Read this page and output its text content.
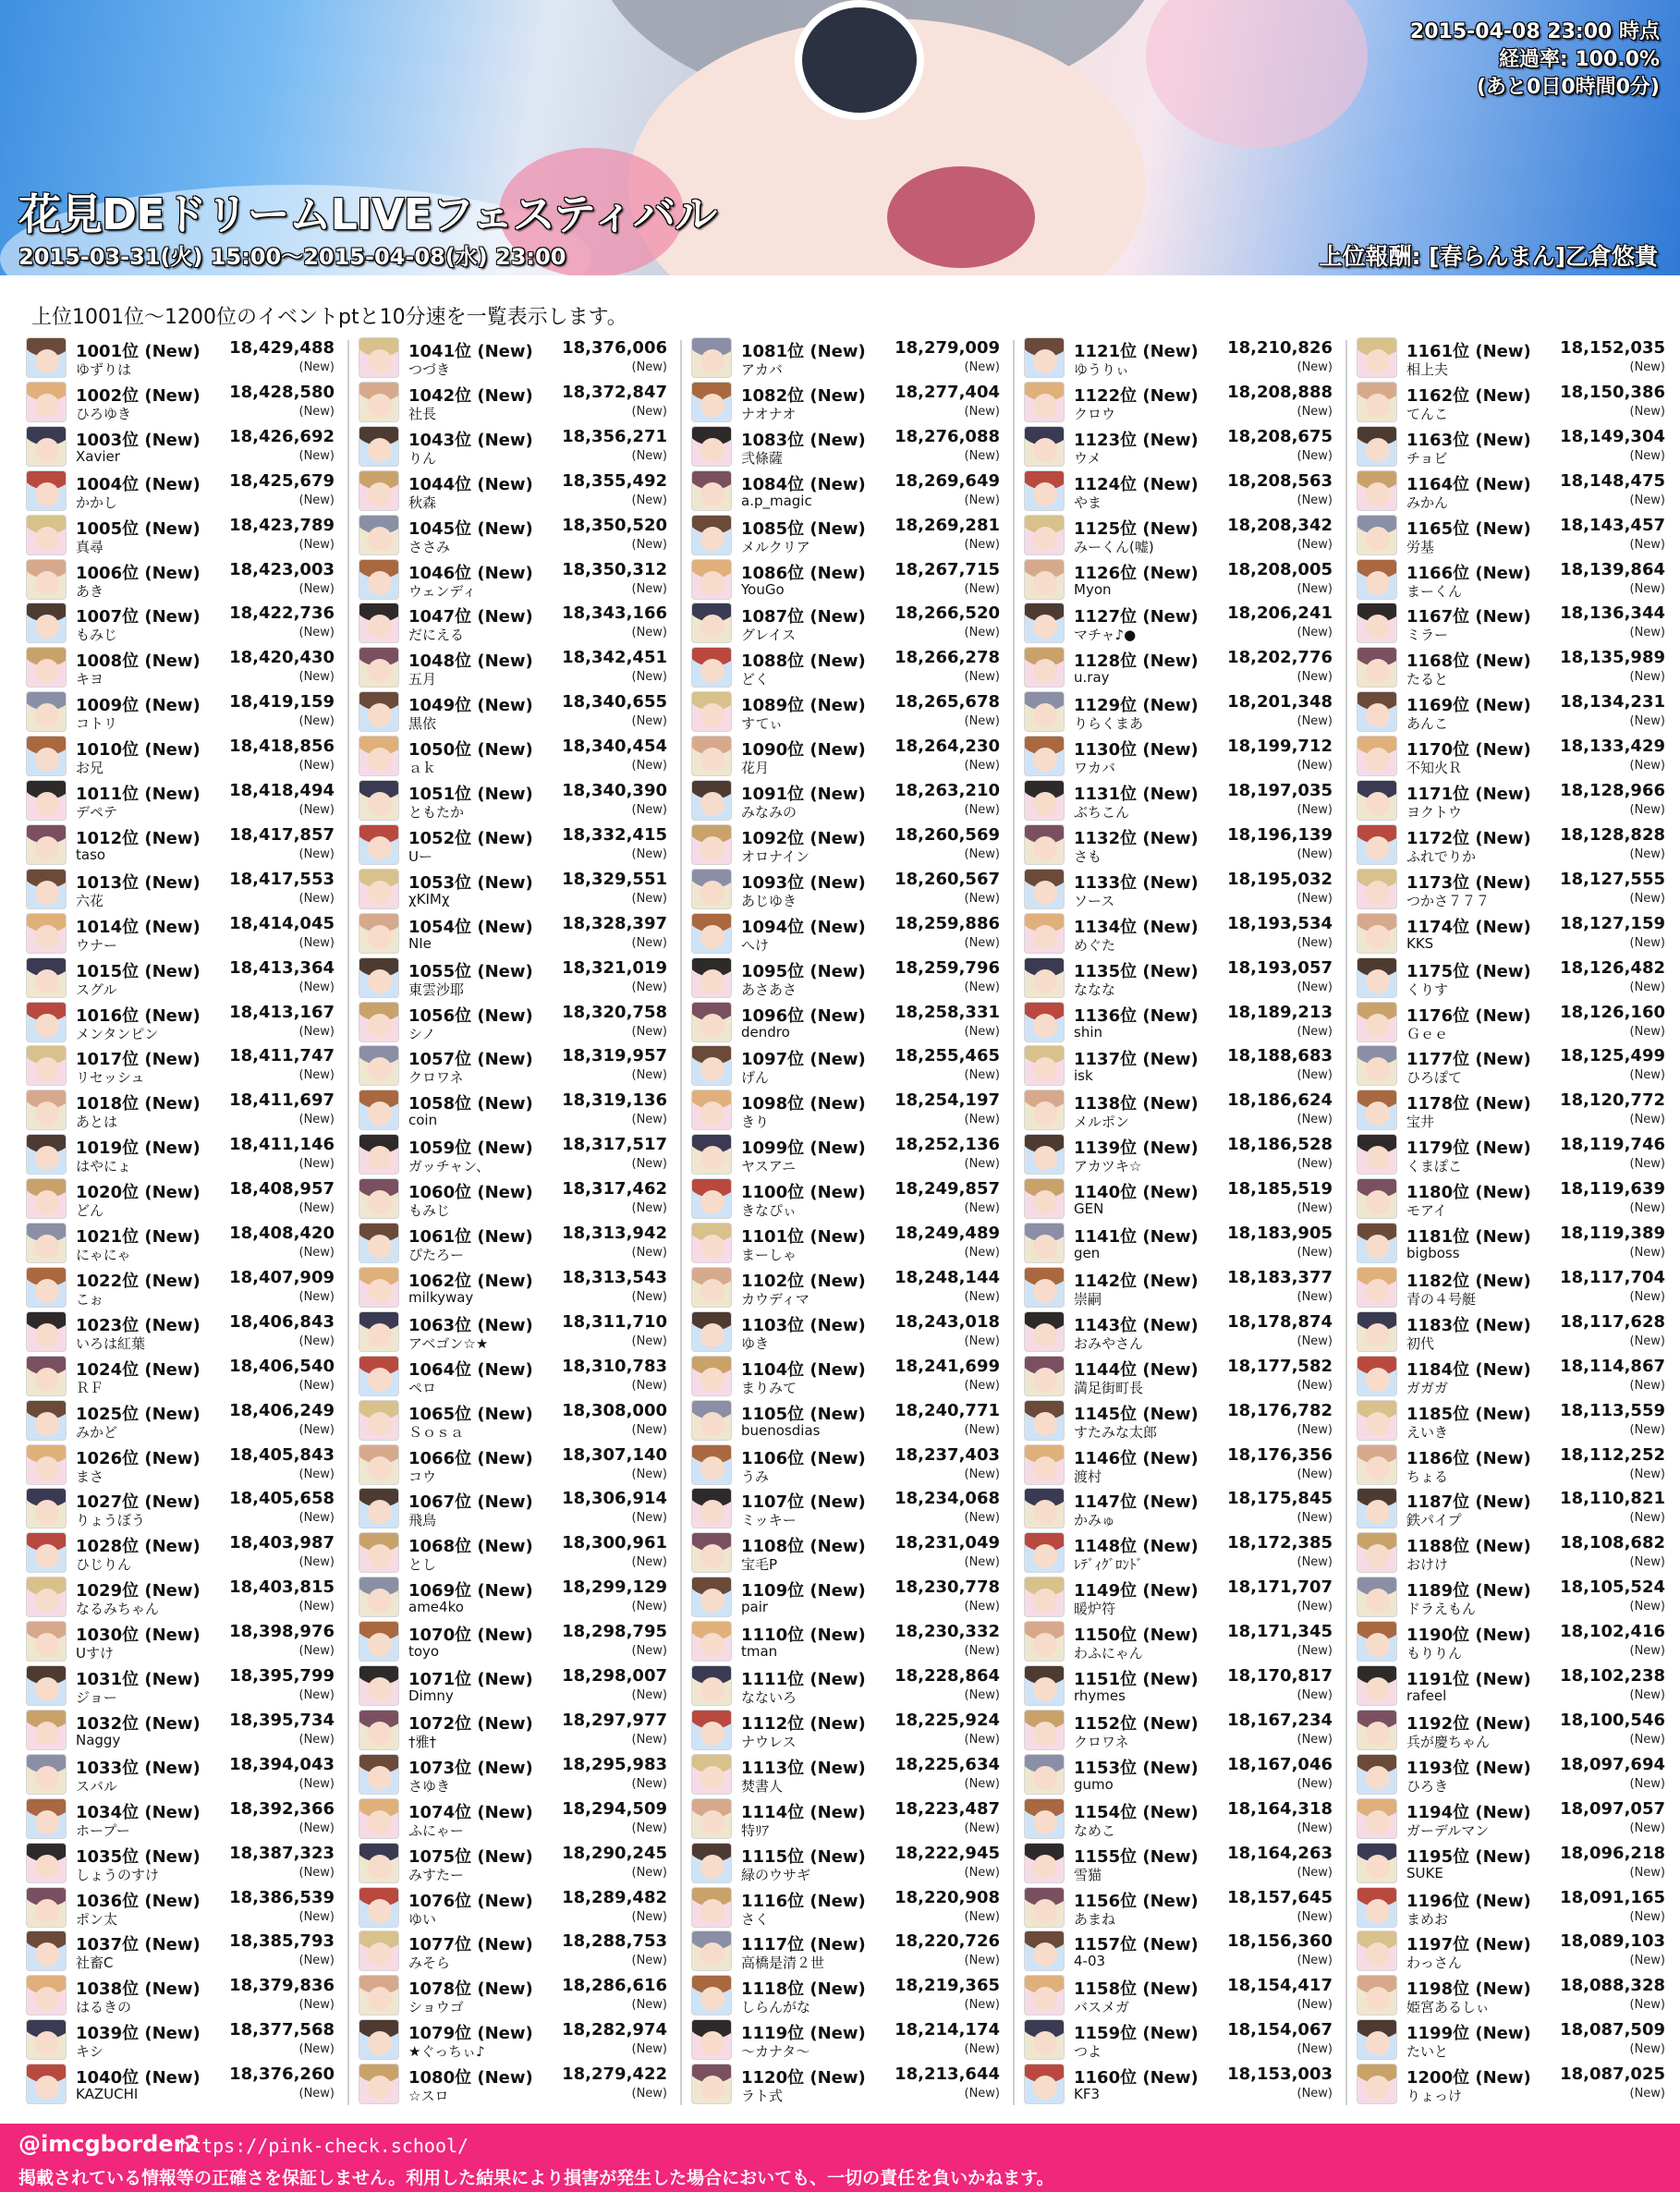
2015-04-08 23:00 時点
経過率: 100.0%
(あと0日0時間0分)
花見DEドリームLIVEフェスティバル
2015-03-31(火) 15:00～2015-04-08(水) 23:00	上位報酬: [春らんまん]乙倉悠貴
上位1001位～1200位のイベントptと10分速を一覧表示します。
1001位 (New) 18,429,488
ゆずりは	(New)
1002位 (New) 18,428,580
ひろゆき	(New)
1003位 (New) 18,426,692
Xavier	(New)
1004位 (New) 18,425,679
かかし	(New)
1005位 (New) 18,423,789
真尋	(New)
1006位 (New) 18,423,003
あき	(New)
1007位 (New) 18,422,736
もみじ	(New)
1008位 (New) 18,420,430
キヨ	(New)
1009位 (New) 18,419,159
コトリ	(New)
1010位 (New) 18,418,856
お兄	(New)
1011位 (New) 18,418,494
デペテ	(New)
1012位 (New) 18,417,857
taso	(New)
1013位 (New) 18,417,553
六花	(New)
1014位 (New) 18,414,045
ウナー	(New)
1015位 (New) 18,413,364
スグル	(New)
1016位 (New) 18,413,167
メンタンピン	(New)
1017位 (New) 18,411,747
リセッシュ	(New)
1018位 (New) 18,411,697
あとは	(New)
1019位 (New) 18,411,146
はやにょ	(New)
1020位 (New) 18,408,957
どん	(New)
1021位 (New) 18,408,420
にゃにゃ	(New)
1022位 (New) 18,407,909
こぉ	(New)
1023位 (New) 18,406,843
いろは紅葉	(New)
1024位 (New) 18,406,540
ＲＦ	(New)
1025位 (New) 18,406,249
みかど	(New)
1026位 (New) 18,405,843
まさ	(New)
1027位 (New) 18,405,658
りょうぼう	(New)
1028位 (New) 18,403,987
ひじりん	(New)
1029位 (New) 18,403,815
なるみちゃん	(New)
1030位 (New) 18,398,976
Uすけ	(New)
1031位 (New) 18,395,799
ジョー	(New)
1032位 (New) 18,395,734
Naggy	(New)
1033位 (New) 18,394,043
スバル	(New)
1034位 (New) 18,392,366
ホープー	(New)
1035位 (New) 18,387,323
しょうのすけ	(New)
1036位 (New) 18,386,539
ポン太	(New)
1037位 (New) 18,385,793
社畜C	(New)
1038位 (New) 18,379,836
はるきの	(New)
1039位 (New) 18,377,568
キシ	(New)
1040位 (New) 18,376,260
KAZUCHI	(New)
1041位 (New) 18,376,006
つづき	(New)
1042位 (New) 18,372,847
社長	(New)
1043位 (New) 18,356,271
りん	(New)
1044位 (New) 18,355,492
秋森	(New)
1045位 (New) 18,350,520
ささみ	(New)
1046位 (New) 18,350,312
ウェンディ	(New)
1047位 (New) 18,343,166
だにえる	(New)
1048位 (New) 18,342,451
五月	(New)
1049位 (New) 18,340,655
黒依	(New)
1050位 (New) 18,340,454
ａｋ	(New)
1051位 (New) 18,340,390
ともたか	(New)
1052位 (New) 18,332,415
Uー	(New)
1053位 (New) 18,329,551
χKIMχ	(New)
1054位 (New) 18,328,397
NIe	(New)
1055位 (New) 18,321,019
東雲沙耶	(New)
1056位 (New) 18,320,758
シノ	(New)
1057位 (New) 18,319,957
クロワネ	(New)
1058位 (New) 18,319,136
coin	(New)
1059位 (New) 18,317,517
ガッチャン、	(New)
1060位 (New) 18,317,462
もみじ	(New)
1061位 (New) 18,313,942
ぴたろー	(New)
1062位 (New) 18,313,543
milkyway	(New)
1063位 (New) 18,311,710
アベゴン☆★	(New)
1064位 (New) 18,310,783
ペロ	(New)
1065位 (New) 18,308,000
Ｓｏｓａ	(New)
1066位 (New) 18,307,140
コウ	(New)
1067位 (New) 18,306,914
飛鳥	(New)
1068位 (New) 18,300,961
とし	(New)
1069位 (New) 18,299,129
ame4ko	(New)
1070位 (New) 18,298,795
toyo	(New)
1071位 (New) 18,298,007
Dimny	(New)
1072位 (New) 18,297,977
†雅†	(New)
1073位 (New) 18,295,983
さゆき	(New)
1074位 (New) 18,294,509
ふにゃー	(New)
1075位 (New) 18,290,245
みすたー	(New)
1076位 (New) 18,289,482
ゆい	(New)
1077位 (New) 18,288,753
みそら	(New)
1078位 (New) 18,286,616
ショウゴ	(New)
1079位 (New) 18,282,974
★ぐっちぃ♪	(New)
1080位 (New) 18,279,422
☆スロ	(New)
1081位 (New) 18,279,009
アカバ	(New)
1082位 (New) 18,277,404
ナオナオ	(New)
1083位 (New) 18,276,088
弐條薩	(New)
1084位 (New) 18,269,649
a.p_magic	(New)
1085位 (New) 18,269,281
メルクリア	(New)
1086位 (New) 18,267,715
YouGo	(New)
1087位 (New) 18,266,520
グレイス	(New)
1088位 (New) 18,266,278
どく	(New)
1089位 (New) 18,265,678
すてぃ	(New)
1090位 (New) 18,264,230
花月	(New)
1091位 (New) 18,263,210
みなみの	(New)
1092位 (New) 18,260,569
オロナイン	(New)
1093位 (New) 18,260,567
あじゆき	(New)
1094位 (New) 18,259,886
へけ	(New)
1095位 (New) 18,259,796
あさあさ	(New)
1096位 (New) 18,258,331
dendro	(New)
1097位 (New) 18,255,465
げん	(New)
1098位 (New) 18,254,197
きり	(New)
1099位 (New) 18,252,136
ヤスアニ	(New)
1100位 (New) 18,249,857
きなぴぃ	(New)
1101位 (New) 18,249,489
まーしゃ	(New)
1102位 (New) 18,248,144
カウディマ	(New)
1103位 (New) 18,243,018
ゆき	(New)
1104位 (New) 18,241,699
まりみて	(New)
1105位 (New) 18,240,771
buenosdias	(New)
1106位 (New) 18,237,403
うみ	(New)
1107位 (New) 18,234,068
ミッキー	(New)
1108位 (New) 18,231,049
宝毛P	(New)
1109位 (New) 18,230,778
pair	(New)
1110位 (New) 18,230,332
tman	(New)
1111位 (New) 18,228,864
なないろ	(New)
1112位 (New) 18,225,924
ナウレス	(New)
1113位 (New) 18,225,634
焚書人	(New)
1114位 (New) 18,223,487
特ﾘｱ	(New)
1115位 (New) 18,222,945
緑のウサギ	(New)
1116位 (New) 18,220,908
さく	(New)
1117位 (New) 18,220,726
高橋是清２世	(New)
1118位 (New) 18,219,365
しらんがな	(New)
1119位 (New) 18,214,174
～カナタ～	(New)
1120位 (New) 18,213,644
ラト式	(New)
1121位 (New) 18,210,826
ゆうりぃ	(New)
1122位 (New) 18,208,888
クロウ	(New)
1123位 (New) 18,208,675
ウメ	(New)
1124位 (New) 18,208,563
やま	(New)
1125位 (New) 18,208,342
みーくん(嘘)	(New)
1126位 (New) 18,208,005
Myon	(New)
1127位 (New) 18,206,241
マチャ♪●	(New)
1128位 (New) 18,202,776
u.ray	(New)
1129位 (New) 18,201,348
りらくまあ	(New)
1130位 (New) 18,199,712
ワカバ	(New)
1131位 (New) 18,197,035
ぶちこん	(New)
1132位 (New) 18,196,139
さも	(New)
1133位 (New) 18,195,032
ソース	(New)
1134位 (New) 18,193,534
めぐた	(New)
1135位 (New) 18,193,057
ななな	(New)
1136位 (New) 18,189,213
shin	(New)
1137位 (New) 18,188,683
isk	(New)
1138位 (New) 18,186,624
メルポン	(New)
1139位 (New) 18,186,528
アカツキ☆	(New)
1140位 (New) 18,185,519
GEN	(New)
1141位 (New) 18,183,905
gen	(New)
1142位 (New) 18,183,377
崇嗣	(New)
1143位 (New) 18,178,874
おみやさん	(New)
1144位 (New) 18,177,582
満足街町長	(New)
1145位 (New) 18,176,782
すたみな太郎	(New)
1146位 (New) 18,176,356
渡村	(New)
1147位 (New) 18,175,845
かみゅ	(New)
1148位 (New) 18,172,385
ﾚﾃﾞｨｸﾞﾛﾝﾄﾞ	(New)
1149位 (New) 18,171,707
暖炉符	(New)
1150位 (New) 18,171,345
わふにゃん	(New)
1151位 (New) 18,170,817
rhymes	(New)
1152位 (New) 18,167,234
クロワネ	(New)
1153位 (New) 18,167,046
gumo	(New)
1154位 (New) 18,164,318
なめこ	(New)
1155位 (New) 18,164,263
雪猫	(New)
1156位 (New) 18,157,645
あまね	(New)
1157位 (New) 18,156,360
4-03	(New)
1158位 (New) 18,154,417
バスメガ	(New)
1159位 (New) 18,154,067
つよ	(New)
1160位 (New) 18,153,003
KF3	(New)
1161位 (New) 18,152,035
相上夫	(New)
1162位 (New) 18,150,386
てんこ	(New)
1163位 (New) 18,149,304
チョビ	(New)
1164位 (New) 18,148,475
みかん	(New)
1165位 (New) 18,143,457
労基	(New)
1166位 (New) 18,139,864
まーくん	(New)
1167位 (New) 18,136,344
ミラー	(New)
1168位 (New) 18,135,989
たると	(New)
1169位 (New) 18,134,231
あんこ	(New)
1170位 (New) 18,133,429
不知火Ｒ	(New)
1171位 (New) 18,128,966
ヨクトウ	(New)
1172位 (New) 18,128,828
ふれでりか	(New)
1173位 (New) 18,127,555
つかさ７７７	(New)
1174位 (New) 18,127,159
KKS	(New)
1175位 (New) 18,126,482
くりす	(New)
1176位 (New) 18,126,160
Ｇｅｅ	(New)
1177位 (New) 18,125,499
ひろぽて	(New)
1178位 (New) 18,120,772
宝井	(New)
1179位 (New) 18,119,746
くまぽこ	(New)
1180位 (New) 18,119,639
モアイ	(New)
1181位 (New) 18,119,389
bigboss	(New)
1182位 (New) 18,117,704
青の４号艇	(New)
1183位 (New) 18,117,628
初代	(New)
1184位 (New) 18,114,867
ガガガ	(New)
1185位 (New) 18,113,559
えいき	(New)
1186位 (New) 18,112,252
ちょる	(New)
1187位 (New) 18,110,821
鉄パイプ	(New)
1188位 (New) 18,108,682
おけけ	(New)
1189位 (New) 18,105,524
ドラえもん	(New)
1190位 (New) 18,102,416
もりりん	(New)
1191位 (New) 18,102,238
rafeel	(New)
1192位 (New) 18,100,546
兵が慶ちゃん	(New)
1193位 (New) 18,097,694
ひろき	(New)
1194位 (New) 18,097,057
ガーデルマン	(New)
1195位 (New) 18,096,218
SUKE	(New)
1196位 (New) 18,091,165
まめお	(New)
1197位 (New) 18,089,103
わっさん	(New)
1198位 (New) 18,088,328
姫宮あるしぃ	(New)
1199位 (New) 18,087,509
たいと	(New)
1200位 (New) 18,087,025
りょっけ	(New)
@imcgborder2
https://pink-check.school/
掲載されている情報等の正確さを保証しません。利用した結果により損害が発生した場合においても、一切の責任を負いかねます。
